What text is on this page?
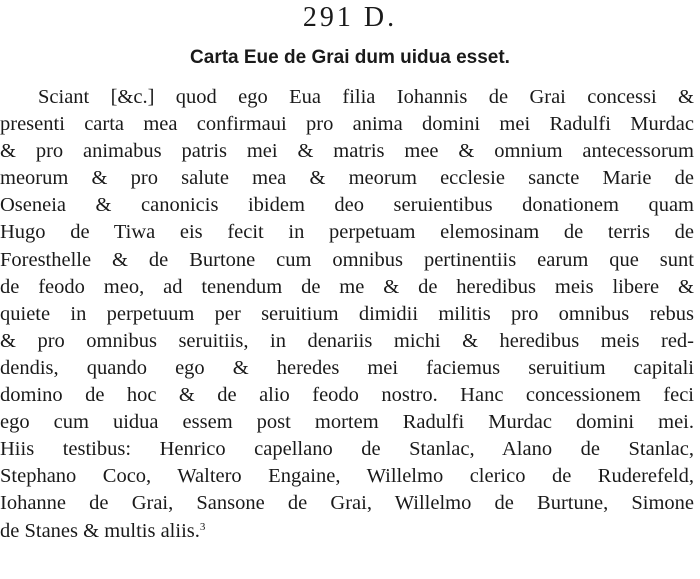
291 D.
Carta Eue de Grai dum uidua esset.
Sciant [&c.] quod ego Eua filia Iohannis de Grai concessi &
presenti carta mea confirmaui pro anima domini mei Radulfi Murdac
& pro animabus patris mei & matris mee & omnium antecessorum
meorum & pro salute mea & meorum ecclesie sancte Marie de
Oseneia & canonicis ibidem deo seruientibus donationem quam
Hugo de Tiwa eis fecit in perpetuam elemosinam de terris de
Foresthelle & de Burtone cum omnibus pertinentiis earum que sunt
de feodo meo, ad tenendum de me & de heredibus meis libere &
quiete in perpetuum per seruitium dimidii militis pro omnibus rebus
& pro omnibus seruitiis, in denariis michi & heredibus meis red-
dendis, quando ego & heredes mei faciemus seruitium capitali
domino de hoc & de alio feodo nostro. Hanc concessionem feci
ego cum uidua essem post mortem Radulfi Murdac domini mei.
Hiis testibus: Henrico capellano de Stanlac, Alano de Stanlac,
Stephano Coco, Waltero Engaine, Willelmo clerico de Ruderefeld,
Iohanne de Grai, Sansone de Grai, Willelmo de Burtune, Simone
de Stanes & multis aliis.$^3$
